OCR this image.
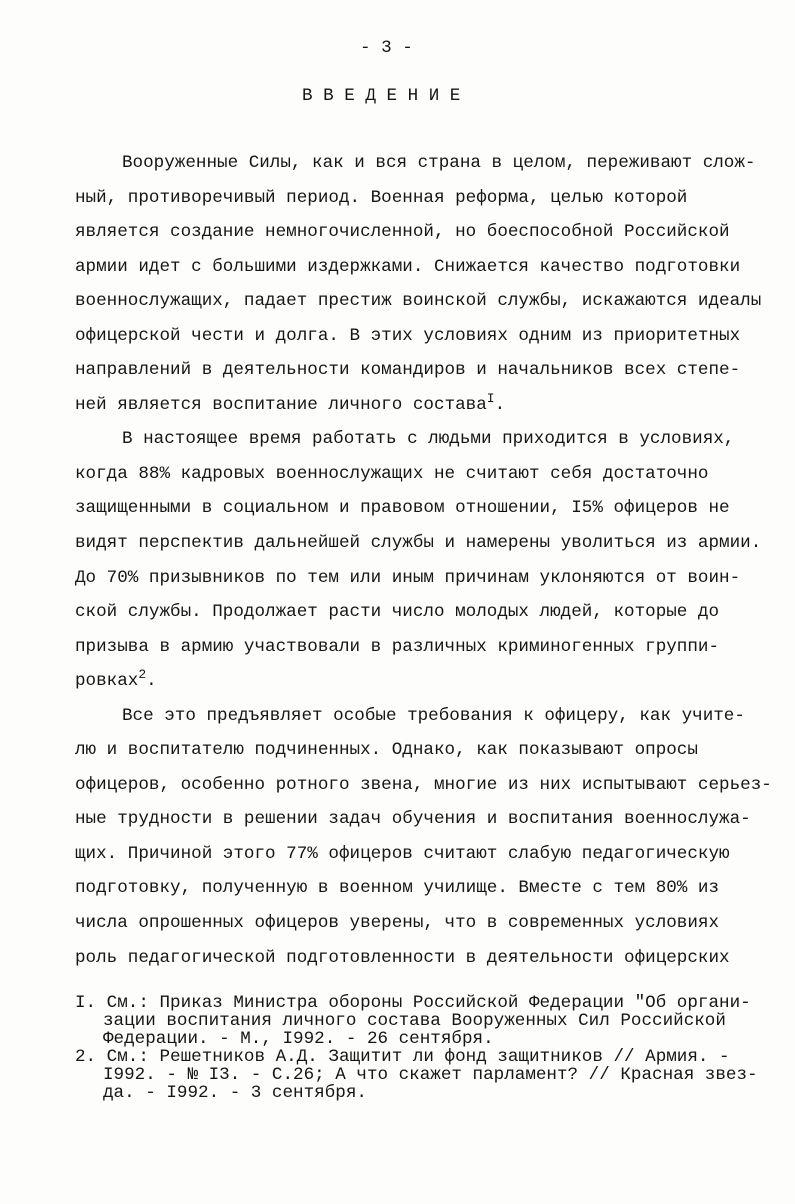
- 3 -
В В Е Д Е Н И Е
Вооруженные Силы, как и вся страна в целом, переживают слож-
ный, противоречивый период. Военная реформа, целью которой
является создание немногочисленной, но боеспособной Российской
армии идет с большими издержками. Снижается качество подготовки
военнослужащих, падает престиж воинской службы, искажаются идеалы
офицерской чести и долга. В этих условиях одним из приоритетных
направлений в деятельности командиров и начальников всех степе-
ней является воспитание личного состава$^I$.
В настоящее время работать с людьми приходится в условиях,
когда 88% кадровых военнослужащих не считают себя достаточно
защищенными в социальном и правовом отношении, I5% офицеров не
видят перспектив дальнейшей службы и намерены уволиться из армии.
До 70% призывников по тем или иным причинам уклоняются от воин-
ской службы. Продолжает расти число молодых людей, которые до
призыва в армию участвовали в различных криминогенных группи-
ровках$^2$.
Все это предъявляет особые требования к офицеру, как учите-
лю и воспитателю подчиненных. Однако, как показывают опросы
офицеров, особенно ротного звена, многие из них испытывают серьез-
ные трудности в решении задач обучения и воспитания военнослужа-
щих. Причиной этого 77% офицеров считают слабую педагогическую
подготовку, полученную в военном училище. Вместе с тем 80% из
числа опрошенных офицеров уверены, что в современных условиях
роль педагогической подготовленности в деятельности офицерских
I. См.: Приказ Министра обороны Российской Федерации "Об органи-
зации воспитания личного состава Вооруженных Сил Российской
Федерации. - М., I992. - 26 сентября.
2. См.: Решетников А.Д. Защитит ли фонд защитников // Армия. -
I992. - № I3. - С.26; А что скажет парламент? // Красная звез-
да. - I992. - 3 сентября.
